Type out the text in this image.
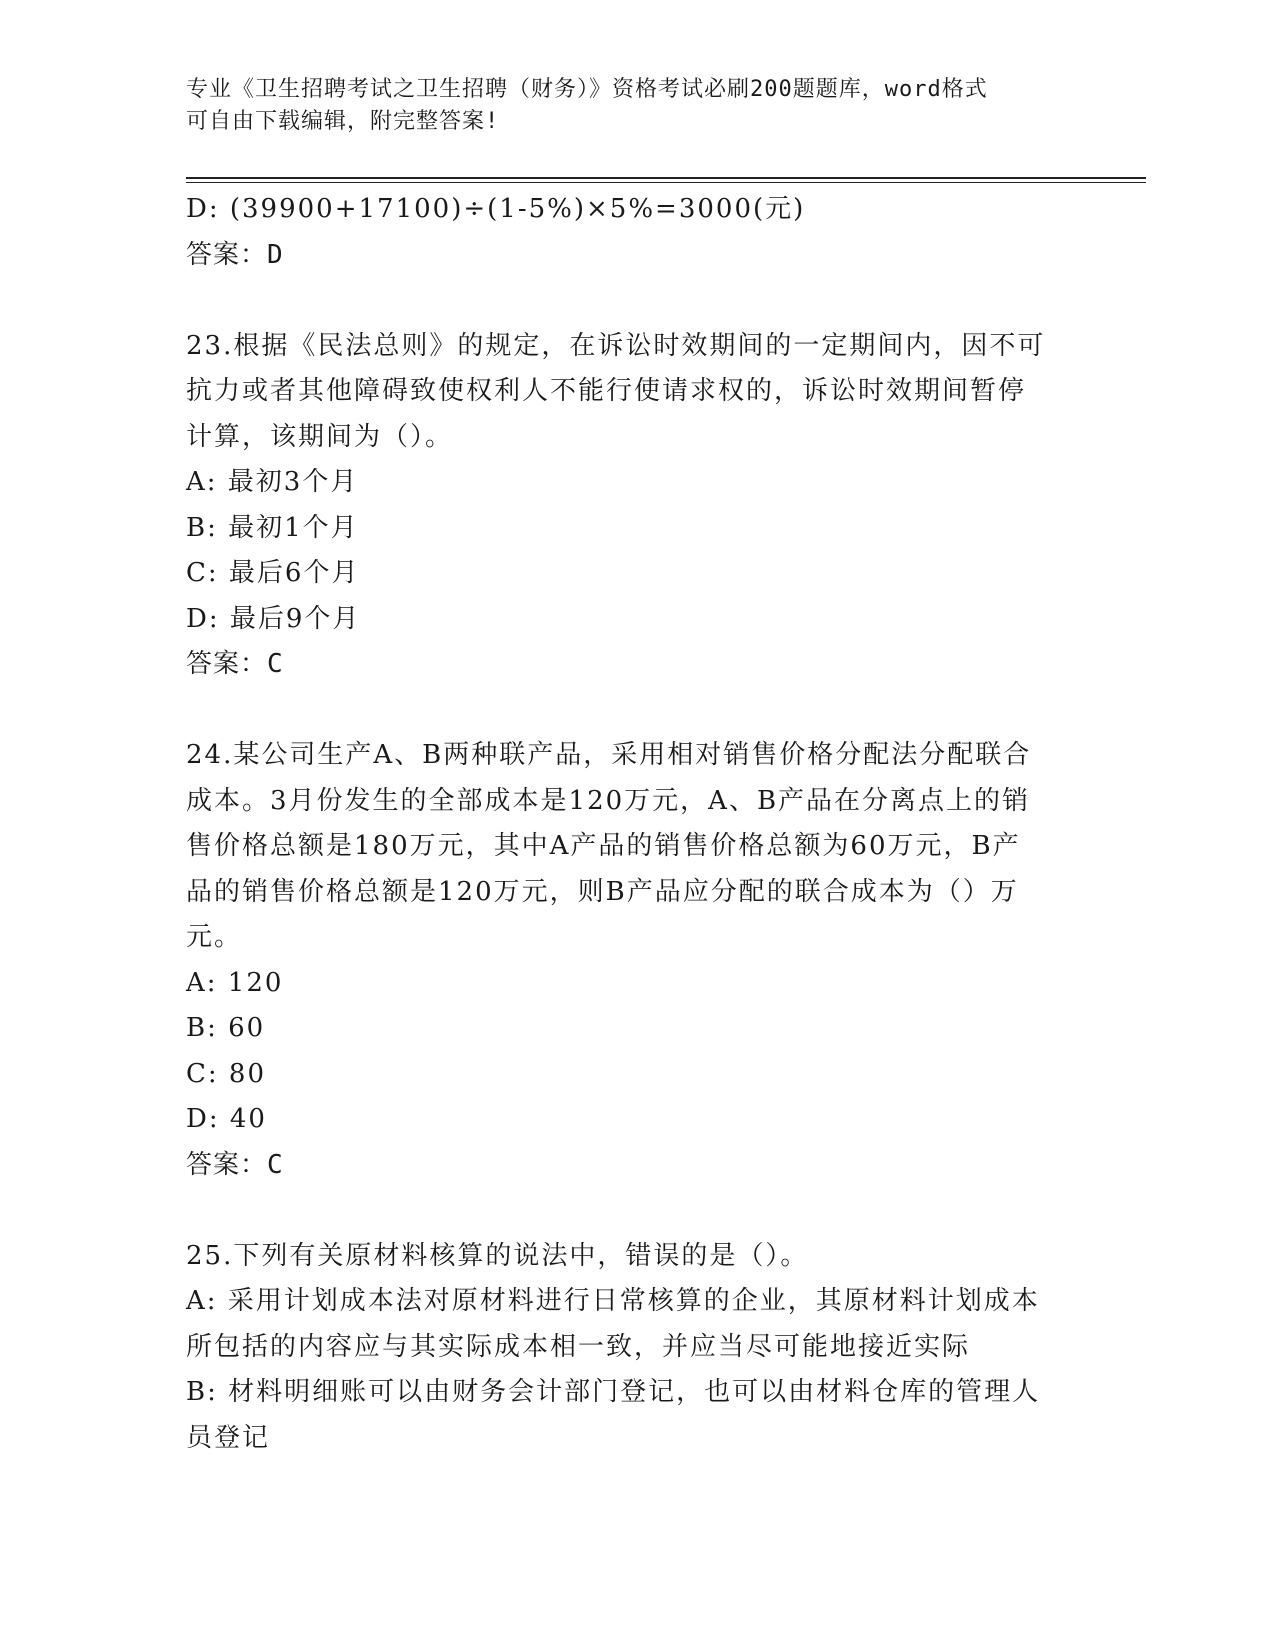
专业《卫生招聘考试之卫生招聘（财务）》资格考试必刷200题题库，word格式
可自由下载编辑，附完整答案!
D: (39900+17100)÷(1-5%)×5%=3000(元)
答案：D
23.根据《民法总则》的规定，在诉讼时效期间的一定期间内，因不可
抗力或者其他障碍致使权利人不能行使请求权的，诉讼时效期间暂停
计算，该期间为（）。
A: 最初3个月
B: 最初1个月
C: 最后6个月
D: 最后9个月
答案：C
24.某公司生产A、B两种联产品，采用相对销售价格分配法分配联合
成本。3月份发生的全部成本是120万元，A、B产品在分离点上的销
售价格总额是180万元，其中A产品的销售价格总额为60万元，B产
品的销售价格总额是120万元，则B产品应分配的联合成本为（）万
元。
A: 120
B: 60
C: 80
D: 40
答案：C
25.下列有关原材料核算的说法中，错误的是（）。
A: 采用计划成本法对原材料进行日常核算的企业，其原材料计划成本
所包括的内容应与其实际成本相一致，并应当尽可能地接近实际
B: 材料明细账可以由财务会计部门登记，也可以由材料仓库的管理人
员登记
